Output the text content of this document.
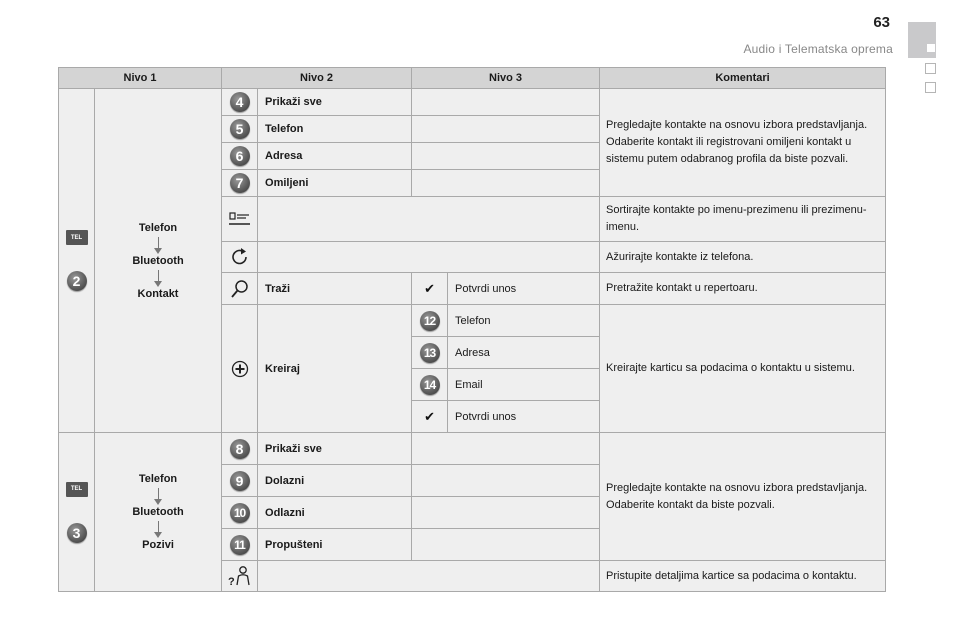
63
Audio i Telematska oprema
Nivo 1		Nivo 2		Nivo 3		Komentari

TEL
2	Telefon
Bluetooth
Kontakt	4	Prikaži sve			Pregledajte kontakte na osnovu izbora predstavljanja. Odaberite kontakt ili registrovani omiljeni kontakt u sistemu putem odabranog profila da biste pozvali.
		5	Telefon			
		6	Adresa			
		7	Omiljeni			

		Sortirajte kontakte po imenu-prezimenu ili prezimenu-imenu.

		Ažurirajte kontakte iz telefona.

	Traži	✔	Potvrdi unos	Pretražite kontakt u repertoaru.

	Kreiraj	12	Telefon	Kreirajte karticu sa podacima o kontaktu u sistemu.
				13	Adresa	
				14	Email	
				✔	Potvrdi unos	

TEL
3	Telefon
Bluetooth
Pozivi	8	Prikaži sve			Pregledajte kontakte na osnovu izbora predstavljanja. Odaberite kontakt da biste pozvali.
		9	Dolazni			
		10	Odlazni			
		11	Propušteni			

?				Pristupite detaljima kartice sa podacima o kontaktu.
